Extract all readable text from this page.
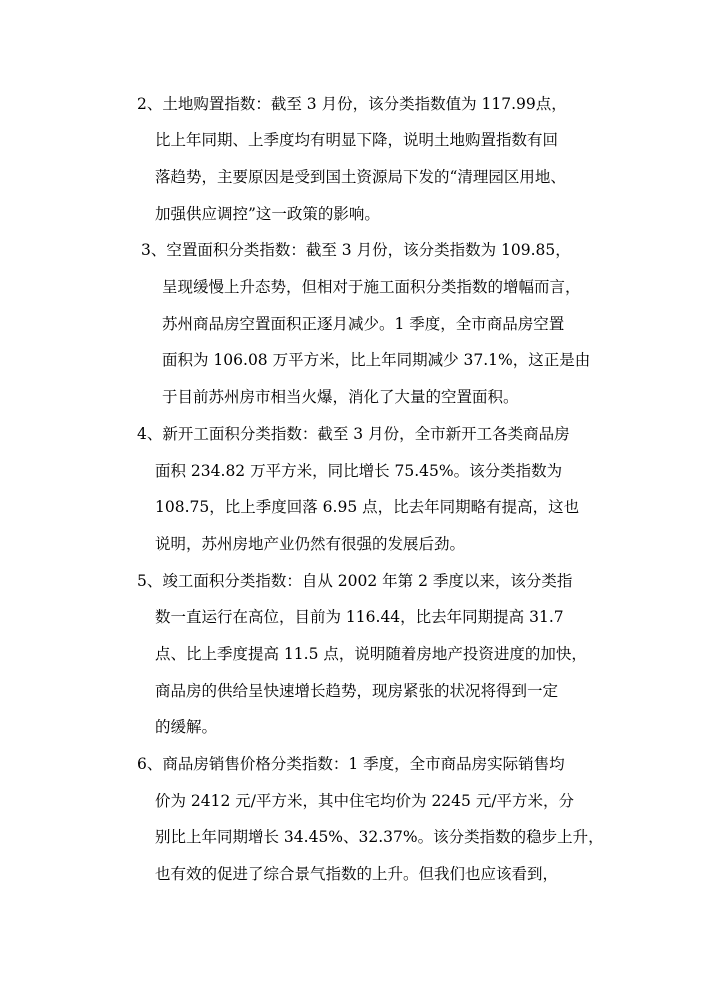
2、土地购置指数：截至 3 月份，该分类指数值为 117.99点，
比上年同期、上季度均有明显下降，说明土地购置指数有回
落趋势，主要原因是受到国土资源局下发的“清理园区用地、
加强供应调控”这一政策的影响。
3、空置面积分类指数：截至 3 月份，该分类指数为 109.85，
呈现缓慢上升态势，但相对于施工面积分类指数的增幅而言，
苏州商品房空置面积正逐月减少。1 季度，全市商品房空置
面积为 106.08 万平方米，比上年同期减少 37.1%，这正是由
于目前苏州房市相当火爆，消化了大量的空置面积。
4、新开工面积分类指数：截至 3 月份，全市新开工各类商品房
面积 234.82 万平方米，同比增长 75.45%。该分类指数为
108.75，比上季度回落 6.95 点，比去年同期略有提高，这也
说明，苏州房地产业仍然有很强的发展后劲。
5、竣工面积分类指数：自从 2002 年第 2 季度以来，该分类指
数一直运行在高位，目前为 116.44，比去年同期提高 31.7
点、比上季度提高 11.5 点，说明随着房地产投资进度的加快，
商品房的供给呈快速增长趋势，现房紧张的状况将得到一定
的缓解。
6、商品房销售价格分类指数：1 季度，全市商品房实际销售均
价为 2412 元/平方米，其中住宅均价为 2245 元/平方米，分
别比上年同期增长 34.45%、32.37%。该分类指数的稳步上升，
也有效的促进了综合景气指数的上升。但我们也应该看到，
